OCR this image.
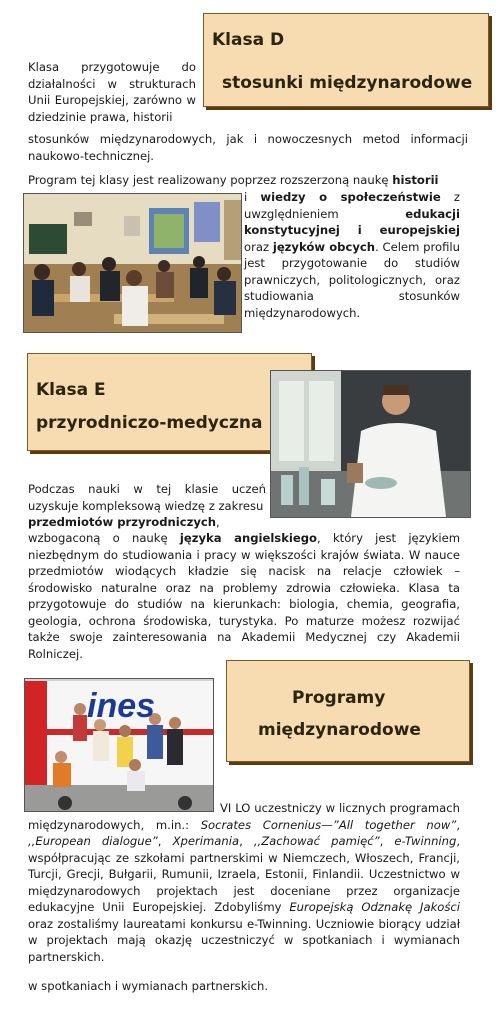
Klasa D
stosunki międzynarodowe

Klasa przygotowuje do działalności w strukturach Unii Europejskiej, zarówno w dziedzinie prawa, historii

stosunków międzynarodowych, jak i nowoczesnych metod informacji naukowo-technicznej.

Program tej klasy jest realizowany poprzez rozszerzoną naukę historii

i wiedzy o społeczeństwie z uwzględnieniem edukacji konstytucyjnej i europejskiej oraz języków obcych. Celem profilu jest przygotowanie do studiów prawniczych, politologicznych, oraz studiowania stosunków międzynarodowych.

Klasa E
przyrodniczo-medyczna

Podczas nauki w tej klasie uczeń uzyskuje kompleksową wiedzę z zakresu

przedmiotów przyrodniczych,

wzbogaconą o naukę języka angielskiego, który jest językiem niezbędnym do studiowania i pracy w większości krajów świata. W nauce przedmiotów wiodących kładzie się nacisk na relacje człowiek – środowisko naturalne oraz na problemy zdrowia człowieka. Klasa ta przygotowuje do studiów na kierunkach: biologia, chemia, geografia, geologia, ochrona środowiska, turystyka. Po maturze możesz rozwijać także swoje zainteresowania na Akademii Medycznej czy Akademii Rolniczej.

ines	Programy
międzynarodowe

VI LO uczestniczy w licznych programach międzynarodowych, m.in.: Socrates Cornenius—”All together now”, ,,European dialogue”, Xperimania, ,,Zachować pamięć”, e-Twinning, współpracując ze szkołami partnerskimi w Niemczech, Włoszech, Francji, Turcji, Grecji, Bułgarii, Rumunii, Izraela, Estonii, Finlandii. Uczestnictwo w międzynarodowych projektach jest doceniane przez organizacje edukacyjne Unii Europejskiej. Zdobyliśmy Europejską Odznakę Jakości oraz zostaliśmy laureatami konkursu e-Twinning. Uczniowie biorący udział w projektach mają okazję uczestniczyć w spotkaniach i wymianach partnerskich.

w spotkaniach i wymianach partnerskich.
